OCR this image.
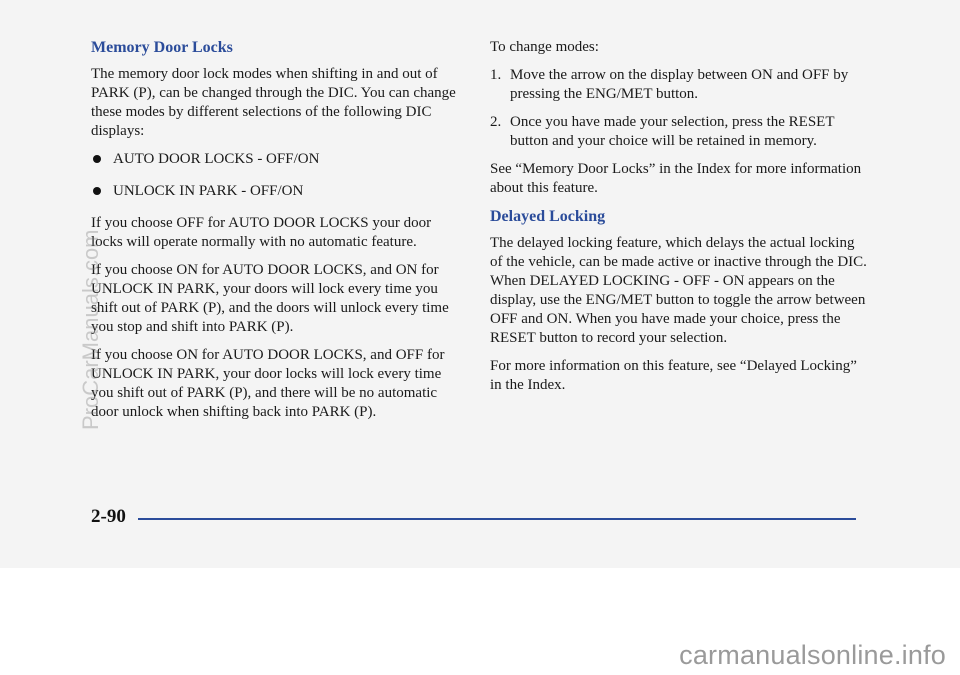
Memory Door Locks

The memory door lock modes when shifting in and out of PARK (P), can be changed through the DIC. You can change these modes by different selections of the following DIC displays:

AUTO DOOR LOCKS - OFF/ON
UNLOCK IN PARK - OFF/ON

If you choose OFF for AUTO DOOR LOCKS your door locks will operate normally with no automatic feature.

If you choose ON for AUTO DOOR LOCKS, and ON for UNLOCK IN PARK, your doors will lock every time you shift out of PARK (P), and the doors will unlock every time you stop and shift into PARK (P).

If you choose ON for AUTO DOOR LOCKS, and OFF for UNLOCK IN PARK, your door locks will lock every time you shift out of PARK (P), and there will be no automatic door unlock when shifting back into PARK (P).

To change modes:

1. Move the arrow on the display between ON and OFF by pressing the ENG/MET button.
2. Once you have made your selection, press the RESET button and your choice will be retained in memory.

See “Memory Door Locks” in the Index for more information about this feature.

Delayed Locking

The delayed locking feature, which delays the actual locking of the vehicle, can be made active or inactive through the DIC. When DELAYED LOCKING - OFF - ON appears on the display, use the ENG/MET button to toggle the arrow between OFF and ON. When you have made your choice, press the RESET button to record your selection.

For more information on this feature, see “Delayed Locking” in the Index.

2-90
ProCarManuals.com
carmanualsonline.info
